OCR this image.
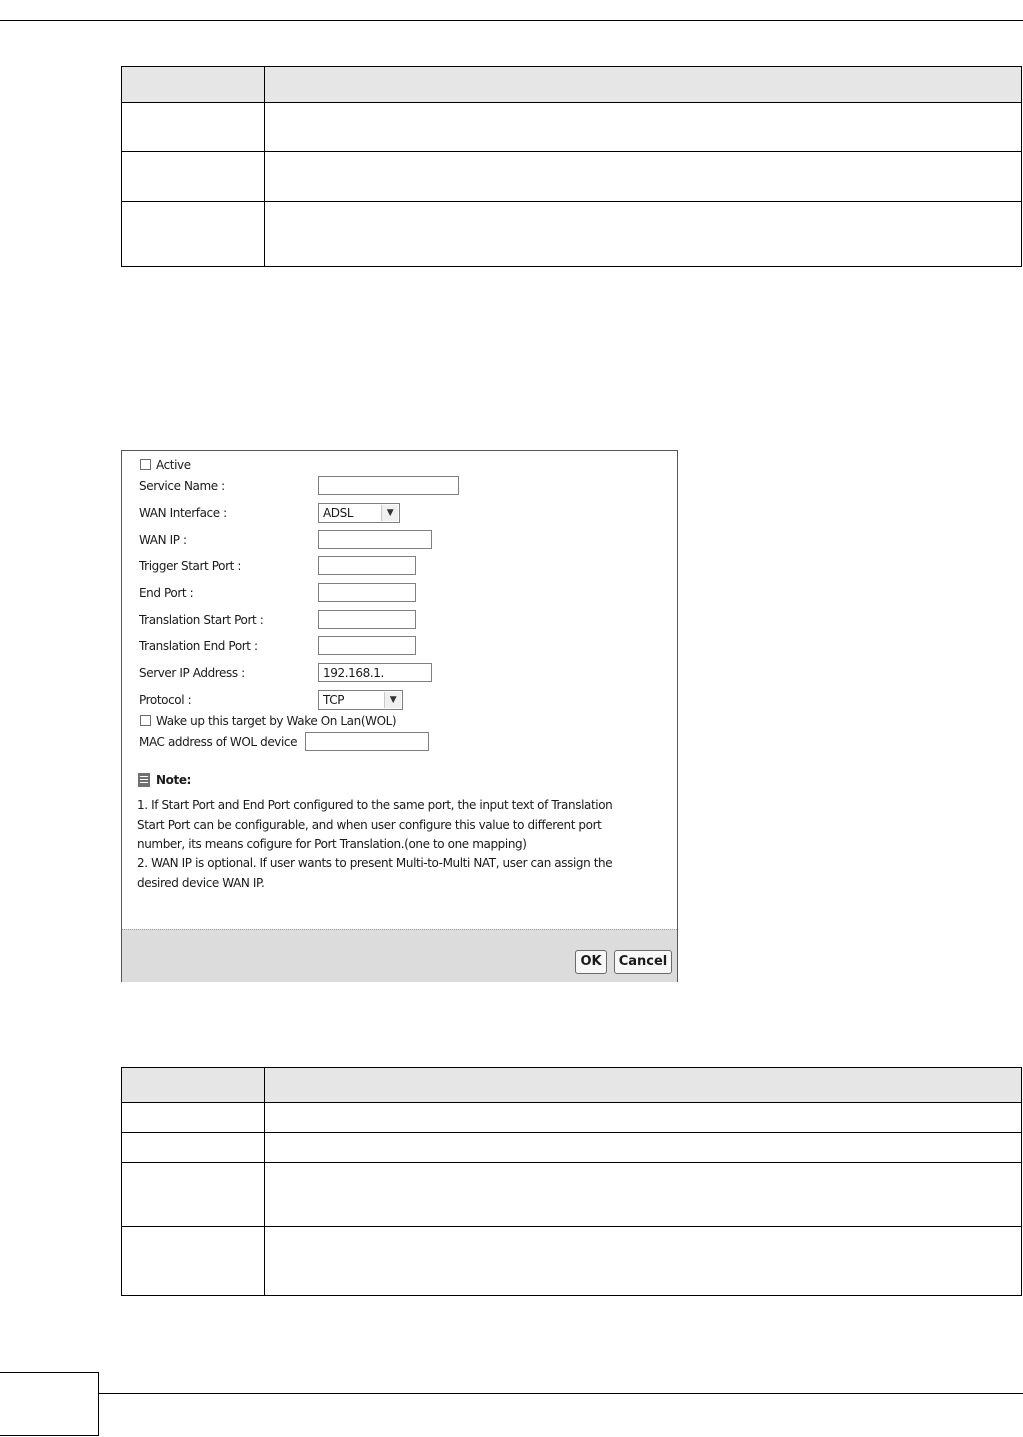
Active
Service Name :
WAN Interface :	ADSL	▼
WAN IP :
Trigger Start Port :
End Port :
Translation Start Port :
Translation End Port :
Server IP Address :	192.168.1.
Protocol :	TCP	▼
Wake up this target by Wake On Lan(WOL)
MAC address of WOL device
Note:
1. If Start Port and End Port configured to the same port, the input text of Translation
Start Port can be configurable, and when user configure this value to different port
number, its means cofigure for Port Translation.(one to one mapping)
2. WAN IP is optional. If user wants to present Multi-to-Multi NAT, user can assign the
desired device WAN IP.
OK	Cancel
